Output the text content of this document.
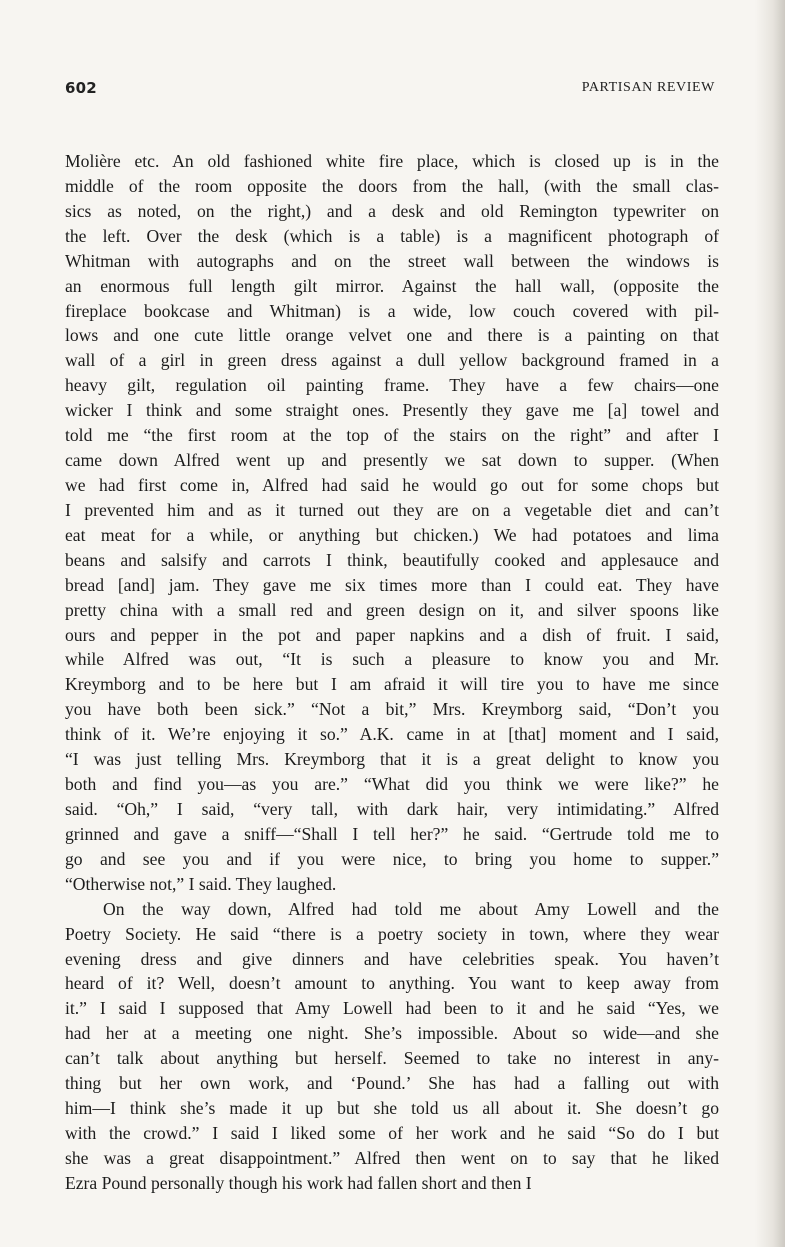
602	PARTISAN REVIEW
Molière etc. An old fashioned white fire place, which is closed up is in the
middle of the room opposite the doors from the hall, (with the small clas-
sics as noted, on the right,) and a desk and old Remington typewriter on
the left. Over the desk (which is a table) is a magnificent photograph of
Whitman with autographs and on the street wall between the windows is
an enormous full length gilt mirror. Against the hall wall, (opposite the
fireplace bookcase and Whitman) is a wide, low couch covered with pil-
lows and one cute little orange velvet one and there is a painting on that
wall of a girl in green dress against a dull yellow background framed in a
heavy gilt, regulation oil painting frame. They have a few chairs—one
wicker I think and some straight ones. Presently they gave me [a] towel and
told me “the first room at the top of the stairs on the right” and after I
came down Alfred went up and presently we sat down to supper. (When
we had first come in, Alfred had said he would go out for some chops but
I prevented him and as it turned out they are on a vegetable diet and can’t
eat meat for a while, or anything but chicken.) We had potatoes and lima
beans and salsify and carrots I think, beautifully cooked and applesauce and
bread [and] jam. They gave me six times more than I could eat. They have
pretty china with a small red and green design on it, and silver spoons like
ours and pepper in the pot and paper napkins and a dish of fruit. I said,
while Alfred was out, “It is such a pleasure to know you and Mr.
Kreymborg and to be here but I am afraid it will tire you to have me since
you have both been sick.” “Not a bit,” Mrs. Kreymborg said, “Don’t you
think of it. We’re enjoying it so.” A.K. came in at [that] moment and I said,
“I was just telling Mrs. Kreymborg that it is a great delight to know you
both and find you—as you are.” “What did you think we were like?” he
said. “Oh,” I said, “very tall, with dark hair, very intimidating.” Alfred
grinned and gave a sniff—“Shall I tell her?” he said. “Gertrude told me to
go and see you and if you were nice, to bring you home to supper.”
“Otherwise not,” I said. They laughed.
On the way down, Alfred had told me about Amy Lowell and the
Poetry Society. He said “there is a poetry society in town, where they wear
evening dress and give dinners and have celebrities speak. You haven’t
heard of it? Well, doesn’t amount to anything. You want to keep away from
it.” I said I supposed that Amy Lowell had been to it and he said “Yes, we
had her at a meeting one night. She’s impossible. About so wide—and she
can’t talk about anything but herself. Seemed to take no interest in any-
thing but her own work, and ‘Pound.’ She has had a falling out with
him—I think she’s made it up but she told us all about it. She doesn’t go
with the crowd.” I said I liked some of her work and he said “So do I but
she was a great disappointment.” Alfred then went on to say that he liked
Ezra Pound personally though his work had fallen short and then I
